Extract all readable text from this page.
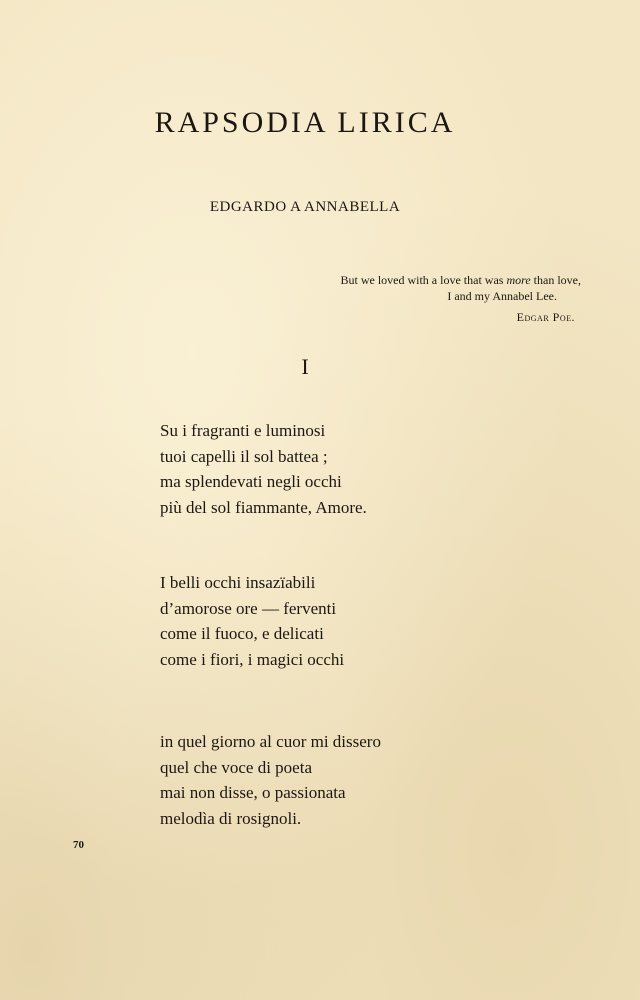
RAPSODIA LIRICA
EDGARDO A ANNABELLA
But we loved with a love that was more than love,
I and my Annabel Lee.
Edgar Poe.
I
Su i fragranti e luminosi
tuoi capelli il sol battea ;
ma splendevati negli occhi
più del sol fiammante, Amore.
I belli occhi insazïabili
d’amorose ore — ferventi
come il fuoco, e delicati
come i fiori, i magici occhi
in quel giorno al cuor mi dissero
quel che voce di poeta
mai non disse, o passionata
melodìa di rosignoli.
70
